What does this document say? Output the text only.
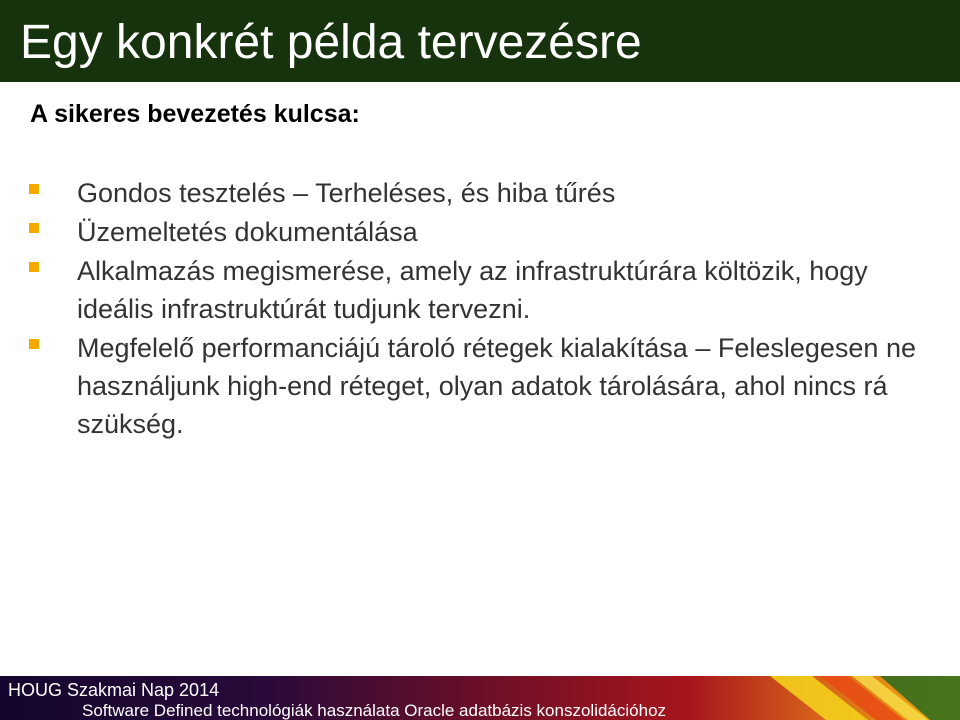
Egy konkrét példa tervezésre
A sikeres bevezetés kulcsa:
Gondos tesztelés – Terheléses, és hiba tűrés
Üzemeltetés dokumentálása
Alkalmazás megismerése, amely az infrastruktúrára költözik, hogy ideális infrastruktúrát tudjunk tervezni.
Megfelelő performanciájú tároló rétegek kialakítása – Feleslegesen ne használjunk high-end réteget, olyan adatok tárolására, ahol nincs rá szükség.
HOUG Szakmai Nap 2014
Software Defined technológiák használata Oracle adatbázis konszolidációhoz
